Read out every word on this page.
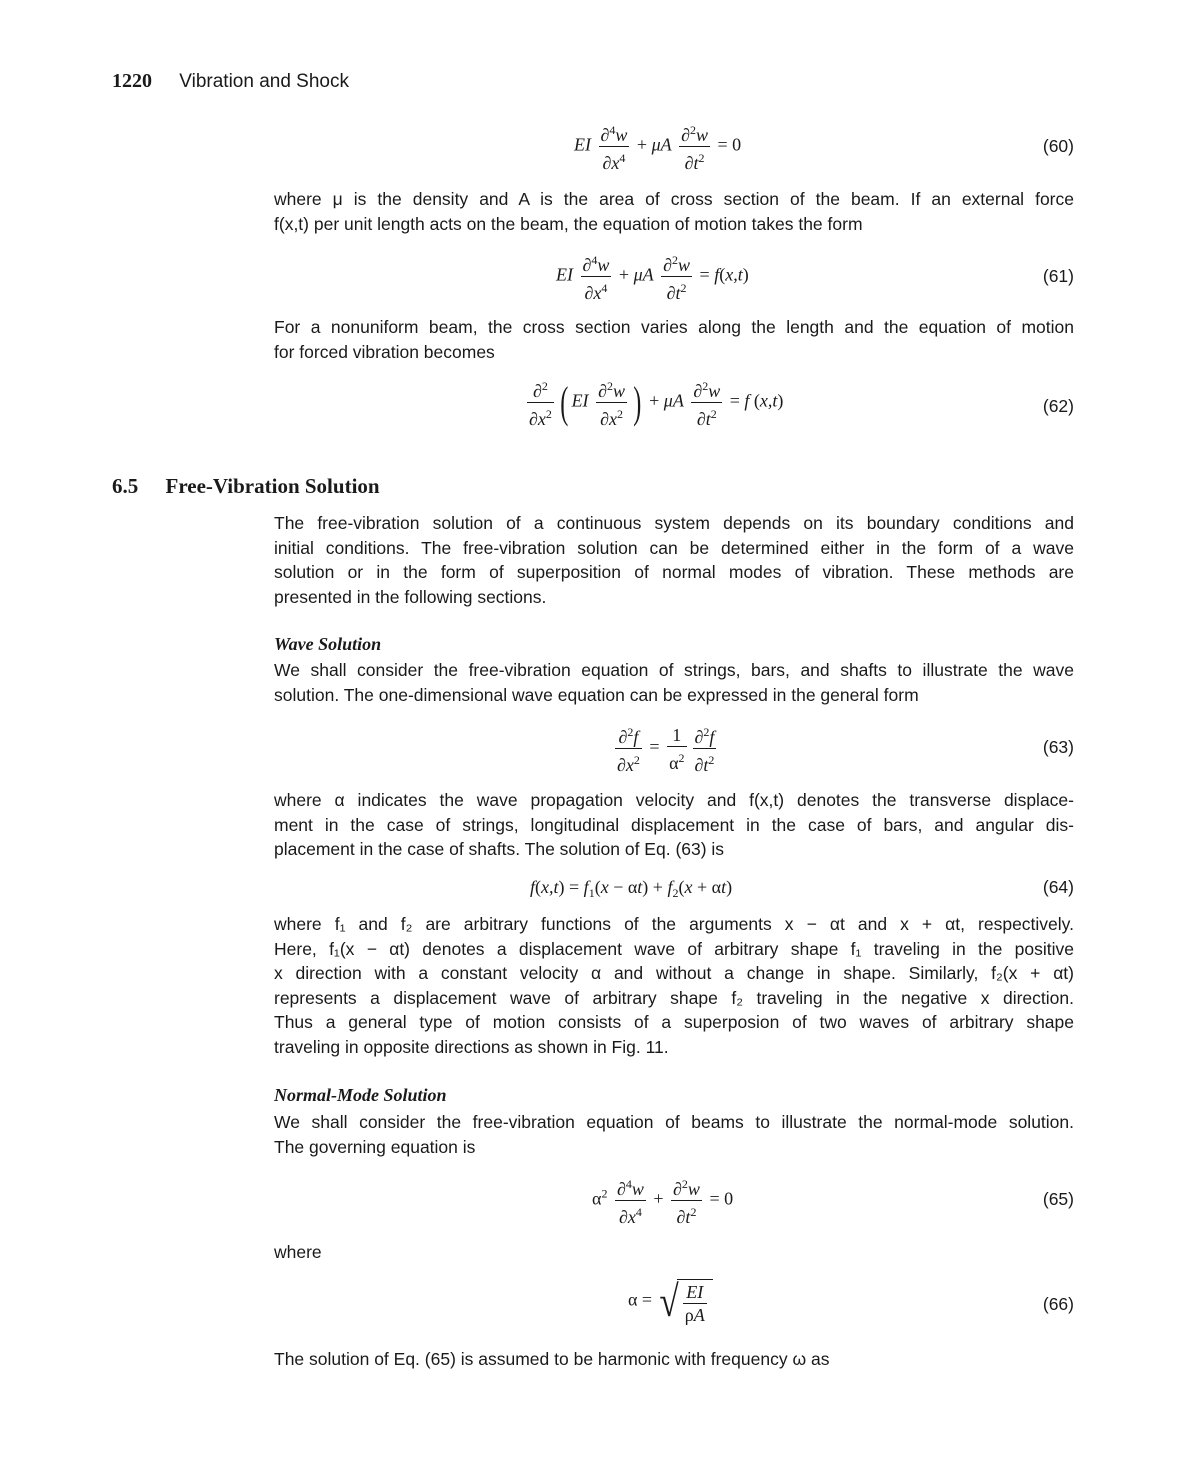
1220 Vibration and Shock
EI $\frac{\partial^4w}{\partial x^4} + \mu A \frac{\partial^2w}{\partial t^2} = 0$	(60)

where μ is the density and A is the area of cross section of the beam. If an external force
f(x,t) per unit length acts on the beam, the equation of motion takes the form

EI $\frac{\partial^4w}{\partial x^4} + \mu A \frac{\partial^2w}{\partial t^2} = f(x,t)$	(61)

For a nonuniform beam, the cross section varies along the length and the equation of motion
for forced vibration becomes

$\frac{\partial^2}{\partial x^2}$ ( EI $\frac{\partial^2w}{\partial x^2}$ ) + μA $\frac{\partial^2w}{\partial t^2} = f$ (x,t)	(62)
6.5 Free-Vibration Solution

The free-vibration solution of a continuous system depends on its boundary conditions and
initial conditions. The free-vibration solution can be determined either in the form of a wave
solution or in the form of superposition of normal modes of vibration. These methods are
presented in the following sections.

Wave Solution

We shall consider the free-vibration equation of strings, bars, and shafts to illustrate the wave
solution. The one-dimensional wave equation can be expressed in the general form

$\frac{\partial^2f}{\partial x^2} = \frac{1}{\alpha^2} \frac{\partial^2f}{\partial t^2}$	(63)

where α indicates the wave propagation velocity and f(x,t) denotes the transverse displace-
ment in the case of strings, longitudinal displacement in the case of bars, and angular dis-
placement in the case of shafts. The solution of Eq. (63) is

$f(x,t) = f_1(x - \alpha t) + f_2(x + \alpha t)$	(64)

where f₁ and f₂ are arbitrary functions of the arguments x − αt and x + αt, respectively.
Here, f₁(x − αt) denotes a displacement wave of arbitrary shape f₁ traveling in the positive
x direction with a constant velocity α and without a change in shape. Similarly, f₂(x + αt)
represents a displacement wave of arbitrary shape f₂ traveling in the negative x direction.
Thus a general type of motion consists of a superposion of two waves of arbitrary shape
traveling in opposite directions as shown in Fig. 11.

Normal-Mode Solution

We shall consider the free-vibration equation of beams to illustrate the normal-mode solution.
The governing equation is

$\alpha^2 \frac{\partial^4w}{\partial x^4} + \frac{\partial^2w}{\partial t^2} = 0$	(65)

where

α = √ $\frac{EI}{\rho A}$	(66)

The solution of Eq. (65) is assumed to be harmonic with frequency ω as
